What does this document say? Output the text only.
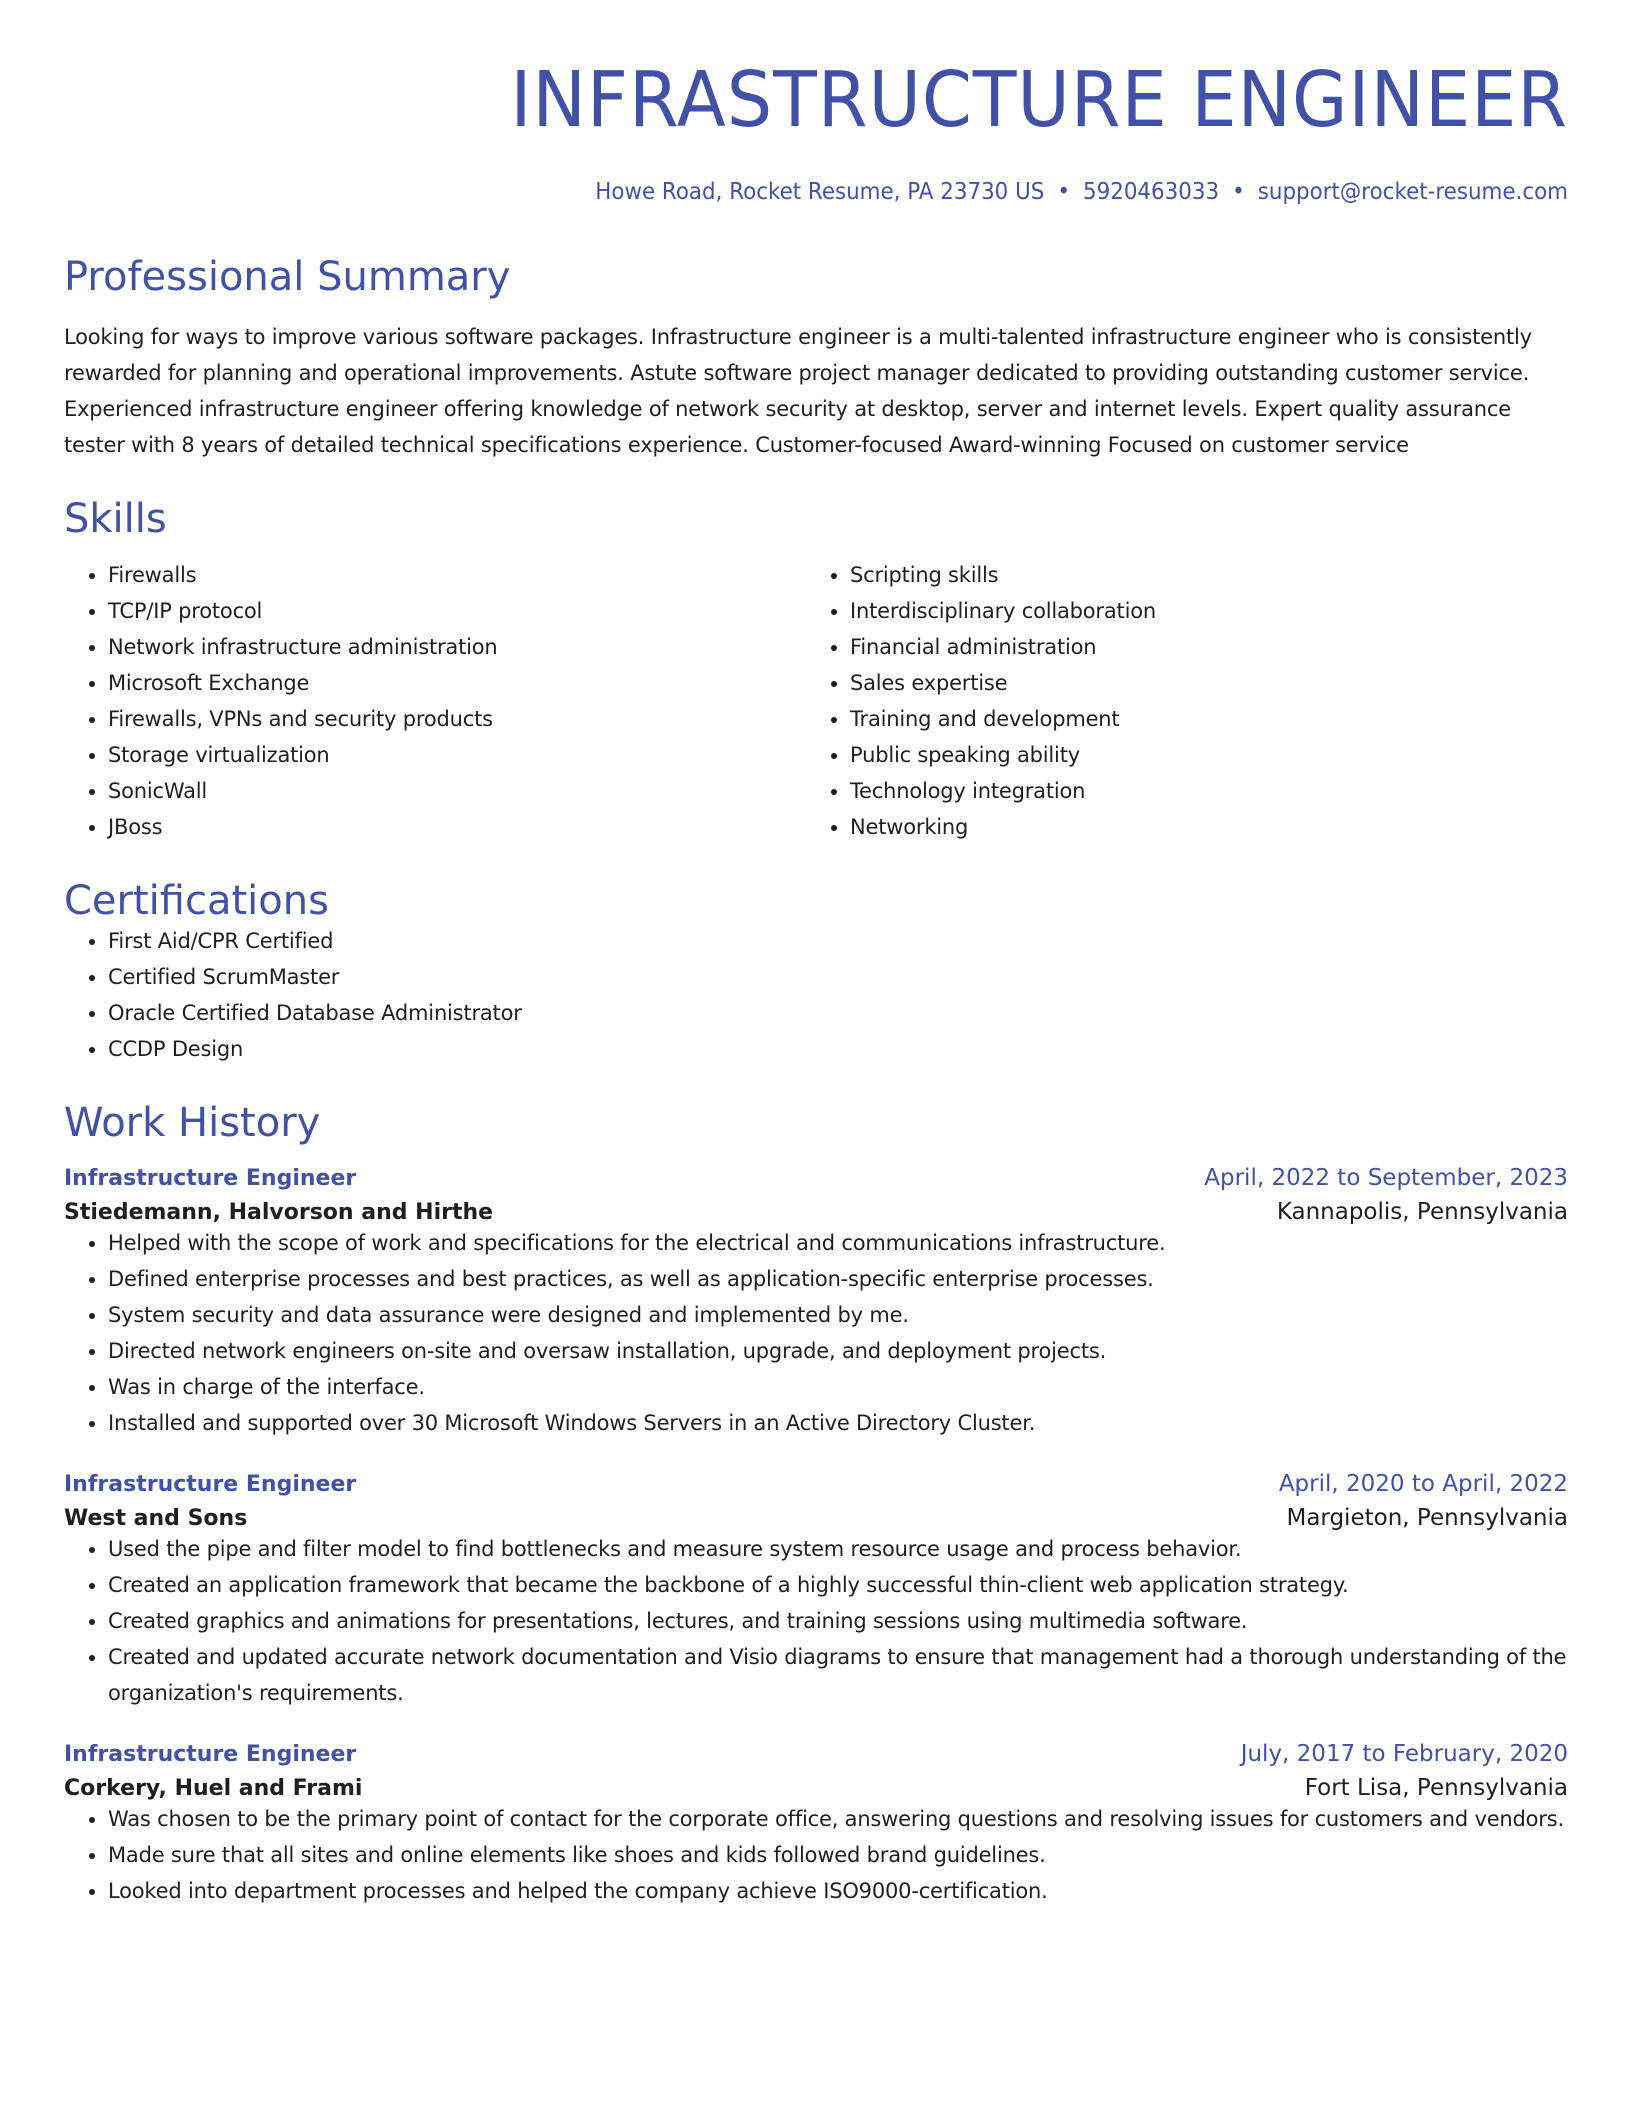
INFRASTRUCTURE ENGINEER
Howe Road, Rocket Resume, PA 23730 US • 5920463033 • support@rocket-resume.com
Professional Summary
Looking for ways to improve various software packages. Infrastructure engineer is a multi-talented infrastructure engineer who is consistently rewarded for planning and operational improvements. Astute software project manager dedicated to providing outstanding customer service. Experienced infrastructure engineer offering knowledge of network security at desktop, server and internet levels. Expert quality assurance tester with 8 years of detailed technical specifications experience. Customer-focused Award-winning Focused on customer service
Skills
• Firewalls
• TCP/IP protocol
• Network infrastructure administration
• Microsoft Exchange
• Firewalls, VPNs and security products
• Storage virtualization
• SonicWall
• JBoss
• Scripting skills
• Interdisciplinary collaboration
• Financial administration
• Sales expertise
• Training and development
• Public speaking ability
• Technology integration
• Networking
Certifications
• First Aid/CPR Certified
• Certified ScrumMaster
• Oracle Certified Database Administrator
• CCDP Design
Work History
Infrastructure Engineer	April, 2022 to September, 2023
Stiedemann, Halvorson and Hirthe	Kannapolis, Pennsylvania
• Helped with the scope of work and specifications for the electrical and communications infrastructure.
• Defined enterprise processes and best practices, as well as application-specific enterprise processes.
• System security and data assurance were designed and implemented by me.
• Directed network engineers on-site and oversaw installation, upgrade, and deployment projects.
• Was in charge of the interface.
• Installed and supported over 30 Microsoft Windows Servers in an Active Directory Cluster.
Infrastructure Engineer	April, 2020 to April, 2022
West and Sons	Margieton, Pennsylvania
• Used the pipe and filter model to find bottlenecks and measure system resource usage and process behavior.
• Created an application framework that became the backbone of a highly successful thin-client web application strategy.
• Created graphics and animations for presentations, lectures, and training sessions using multimedia software.
• Created and updated accurate network documentation and Visio diagrams to ensure that management had a thorough understanding of the organization's requirements.
Infrastructure Engineer	July, 2017 to February, 2020
Corkery, Huel and Frami	Fort Lisa, Pennsylvania
• Was chosen to be the primary point of contact for the corporate office, answering questions and resolving issues for customers and vendors.
• Made sure that all sites and online elements like shoes and kids followed brand guidelines.
• Looked into department processes and helped the company achieve ISO9000-certification.
